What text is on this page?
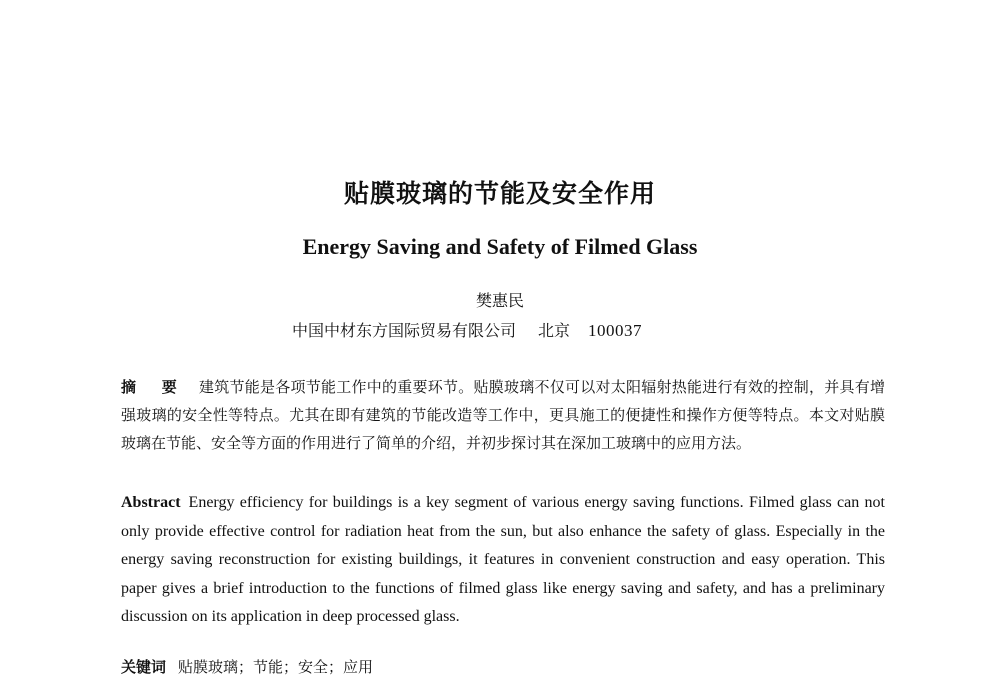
贴膜玻璃的节能及安全作用
Energy Saving and Safety of Filmed Glass
樊惠民
中国中材东方国际贸易有限公司 北京 100037
摘 要 建筑节能是各项节能工作中的重要环节。贴膜玻璃不仅可以对太阳辐射热能进行有效的控制，并具有增强玻璃的安全性等特点。尤其在即有建筑的节能改造等工作中，更具施工的便捷性和操作方便等特点。本文对贴膜玻璃在节能、安全等方面的作用进行了简单的介绍，并初步探讨其在深加工玻璃中的应用方法。
Abstract Energy efficiency for buildings is a key segment of various energy saving functions. Filmed glass can not only provide effective control for radiation heat from the sun, but also enhance the safety of glass. Especially in the energy saving reconstruction for existing buildings, it features in convenient construction and easy operation. This paper gives a brief introduction to the functions of filmed glass like energy saving and safety, and has a preliminary discussion on its application in deep processed glass.
关键词 贴膜玻璃；节能；安全；应用
